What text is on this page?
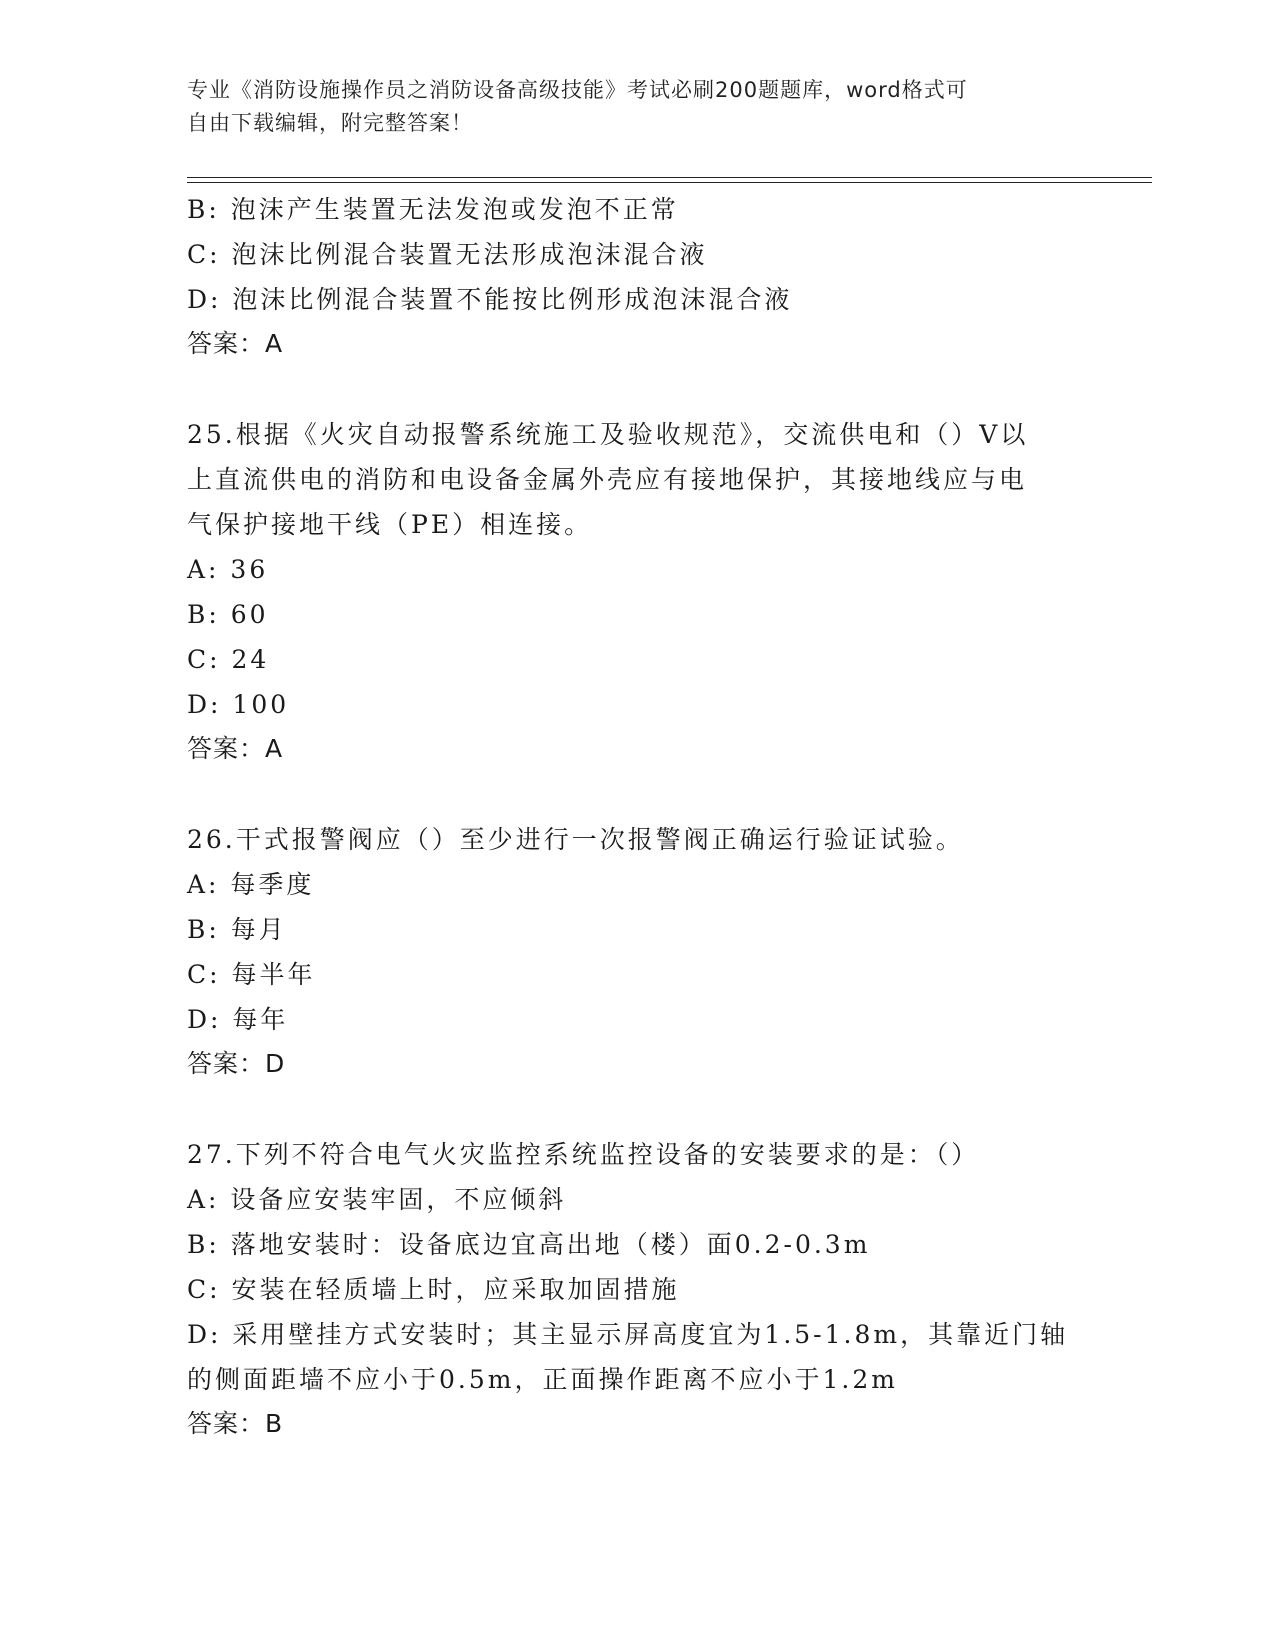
专业《消防设施操作员之消防设备高级技能》考试必刷200题题库，word格式可
自由下载编辑，附完整答案！
B: 泡沫产生装置无法发泡或发泡不正常
C: 泡沫比例混合装置无法形成泡沫混合液
D: 泡沫比例混合装置不能按比例形成泡沫混合液
答案：A
25.根据《火灾自动报警系统施工及验收规范》，交流供电和（）V以
上直流供电的消防和电设备金属外壳应有接地保护，其接地线应与电
气保护接地干线（PE）相连接。
A: 36
B: 60
C: 24
D: 100
答案：A
26.干式报警阀应（）至少进行一次报警阀正确运行验证试验。
A: 每季度
B: 每月
C: 每半年
D: 每年
答案：D
27.下列不符合电气火灾监控系统监控设备的安装要求的是：（）
A: 设备应安装牢固，不应倾斜
B: 落地安装时：设备底边宜高出地（楼）面0.2-0.3m
C: 安装在轻质墙上时，应采取加固措施
D: 采用壁挂方式安装时；其主显示屏高度宜为1.5-1.8m，其靠近门轴
的侧面距墙不应小于0.5m，正面操作距离不应小于1.2m
答案：B
